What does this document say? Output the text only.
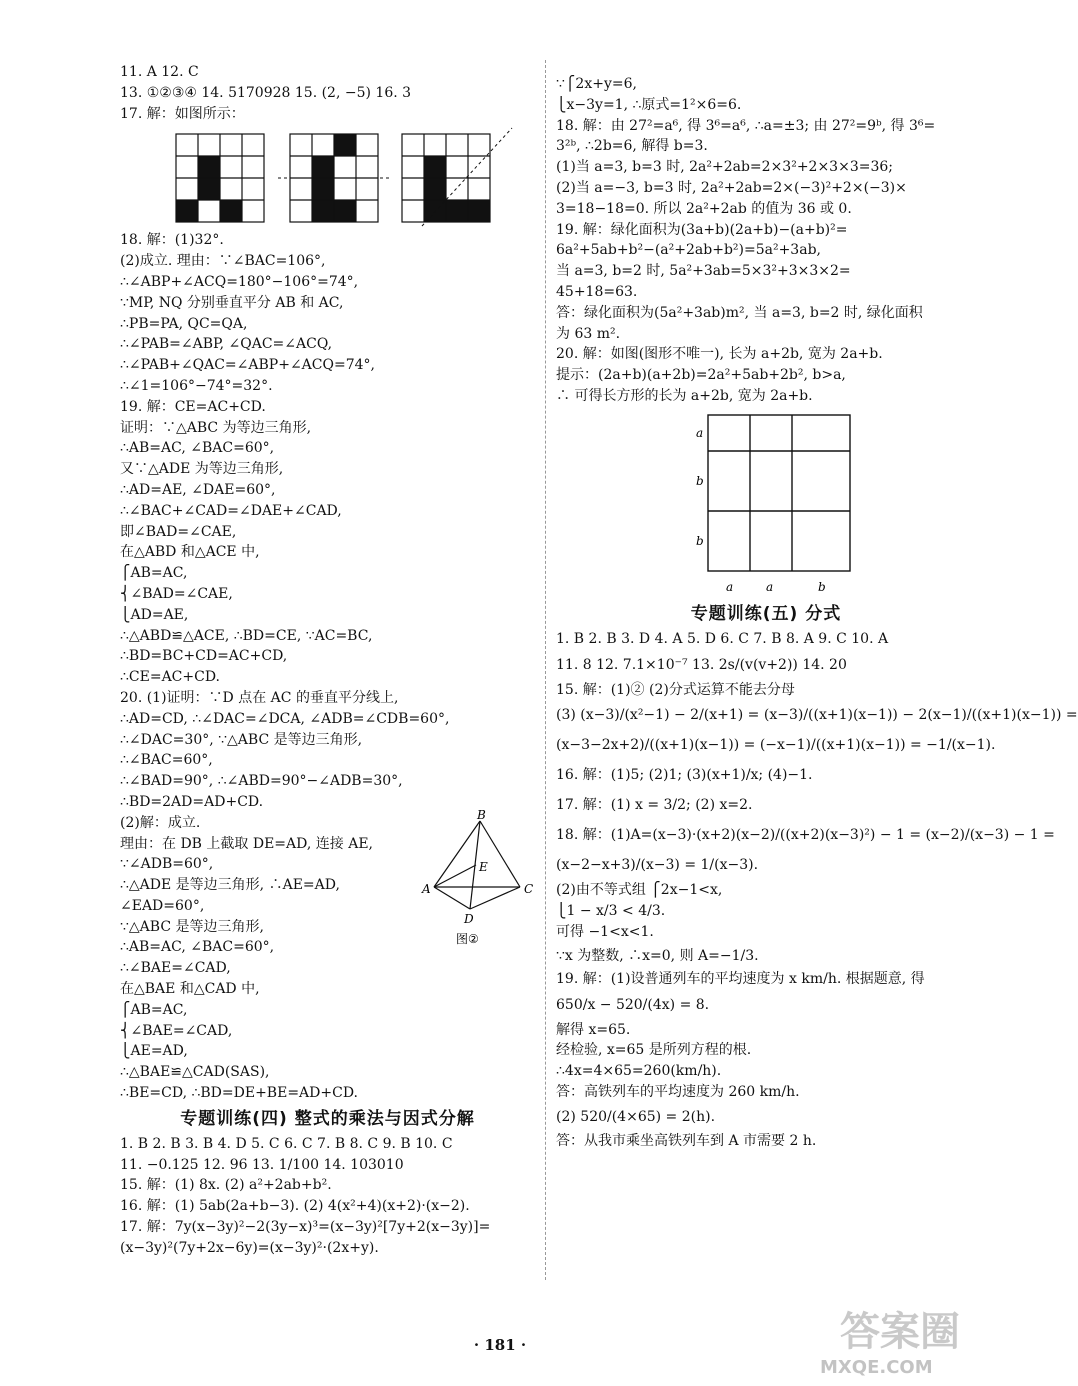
11. A 12. C
13. ①②③④ 14. 5170928 15. (2, −5) 16. 3
17. 解：如图所示：
18. 解：(1)32°.
(2)成立. 理由：∵∠BAC=106°,
∴∠ABP+∠ACQ=180°−106°=74°,
∵MP, NQ 分别垂直平分 AB 和 AC,
∴PB=PA, QC=QA,
∴∠PAB=∠ABP, ∠QAC=∠ACQ,
∴∠PAB+∠QAC=∠ABP+∠ACQ=74°,
∴∠1=106°−74°=32°.
19. 解：CE=AC+CD.
证明：∵△ABC 为等边三角形,
∴AB=AC, ∠BAC=60°,
又∵△ADE 为等边三角形,
∴AD=AE, ∠DAE=60°,
∴∠BAC+∠CAD=∠DAE+∠CAD,
即∠BAD=∠CAE,
在△ABD 和△ACE 中,
⎧AB=AC,
⎨∠BAD=∠CAE,
⎩AD=AE,
∴△ABD≌△ACE, ∴BD=CE, ∵AC=BC,
∴BD=BC+CD=AC+CD,
∴CE=AC+CD.
20. (1)证明：∵D 点在 AC 的垂直平分线上,
∴AD=CD, ∴∠DAC=∠DCA, ∠ADB=∠CDB=60°,
∴∠DAC=30°, ∵△ABC 是等边三角形,
∴∠BAC=60°,
∴∠BAD=90°, ∴∠ABD=90°−∠ADB=30°,
∴BD=2AD=AD+CD.
B
E
A	C
D
图②
(2)解：成立.
理由：在 DB 上截取 DE=AD, 连接 AE,
∵∠ADB=60°,
∴△ADE 是等边三角形, ∴AE=AD,
∠EAD=60°,
∵△ABC 是等边三角形,
∴AB=AC, ∠BAC=60°,
∴∠BAE=∠CAD,
在△BAE 和△CAD 中,
⎧AB=AC,
⎨∠BAE=∠CAD,
⎩AE=AD,
∴△BAE≌△CAD(SAS),
∴BE=CD, ∴BD=DE+BE=AD+CD.
专题训练(四) 整式的乘法与因式分解
1. B 2. B 3. B 4. D 5. C 6. C 7. B 8. C 9. B 10. C
11. −0.125 12. 96 13. 1/100 14. 103010
15. 解：(1) 8x. (2) a²+2ab+b².
16. 解：(1) 5ab(2a+b−3). (2) 4(x²+4)(x+2)·(x−2).
17. 解：7y(x−3y)²−2(3y−x)³=(x−3y)²[7y+2(x−3y)]=
(x−3y)²(7y+2x−6y)=(x−3y)²·(2x+y).
∵⎧2x+y=6,
⎩x−3y=1, ∴原式=1²×6=6.
18. 解：由 27²=a⁶, 得 3⁶=a⁶, ∴a=±3; 由 27²=9ᵇ, 得 3⁶=
3²ᵇ, ∴2b=6, 解得 b=3.
(1)当 a=3, b=3 时, 2a²+2ab=2×3²+2×3×3=36;
(2)当 a=−3, b=3 时, 2a²+2ab=2×(−3)²+2×(−3)×
3=18−18=0. 所以 2a²+2ab 的值为 36 或 0.
19. 解：绿化面积为(3a+b)(2a+b)−(a+b)²=
6a²+5ab+b²−(a²+2ab+b²)=5a²+3ab,
当 a=3, b=2 时, 5a²+3ab=5×3²+3×3×2=
45+18=63.
答：绿化面积为(5a²+3ab)m², 当 a=3, b=2 时, 绿化面积
为 63 m².
20. 解：如图(图形不唯一), 长为 a+2b, 宽为 2a+b.
提示：(2a+b)(a+2b)=2a²+5ab+2b², b>a,
∴ 可得长方形的长为 a+2b, 宽为 2a+b.
a
b
b
a	a	b
专题训练(五) 分式
1. B 2. B 3. D 4. A 5. D 6. C 7. B 8. A 9. C 10. A
11. 8 12. 7.1×10⁻⁷ 13. 2s/(v(v+2)) 14. 20
15. 解：(1)② (2)分式运算不能去分母
(3) (x−3)/(x²−1) − 2/(x+1) = (x−3)/((x+1)(x−1)) − 2(x−1)/((x+1)(x−1)) =
(x−3−2x+2)/((x+1)(x−1)) = (−x−1)/((x+1)(x−1)) = −1/(x−1).
16. 解：(1)5; (2)1; (3)(x+1)/x; (4)−1.
17. 解：(1) x = 3/2; (2) x=2.
18. 解：(1)A=(x−3)·(x+2)(x−2)/((x+2)(x−3)²) − 1 = (x−2)/(x−3) − 1 =
(x−2−x+3)/(x−3) = 1/(x−3).
(2)由不等式组 ⎧2x−1<x,
⎩1 − x/3 < 4/3.
可得 −1<x<1.
∵x 为整数, ∴x=0, 则 A=−1/3.
19. 解：(1)设普通列车的平均速度为 x km/h. 根据题意, 得
650/x − 520/(4x) = 8.
解得 x=65.
经检验, x=65 是所列方程的根.
∴4x=4×65=260(km/h).
答：高铁列车的平均速度为 260 km/h.
(2) 520/(4×65) = 2(h).
答：从我市乘坐高铁列车到 A 市需要 2 h.
· 181 ·	答案圈
MXQE.COM
